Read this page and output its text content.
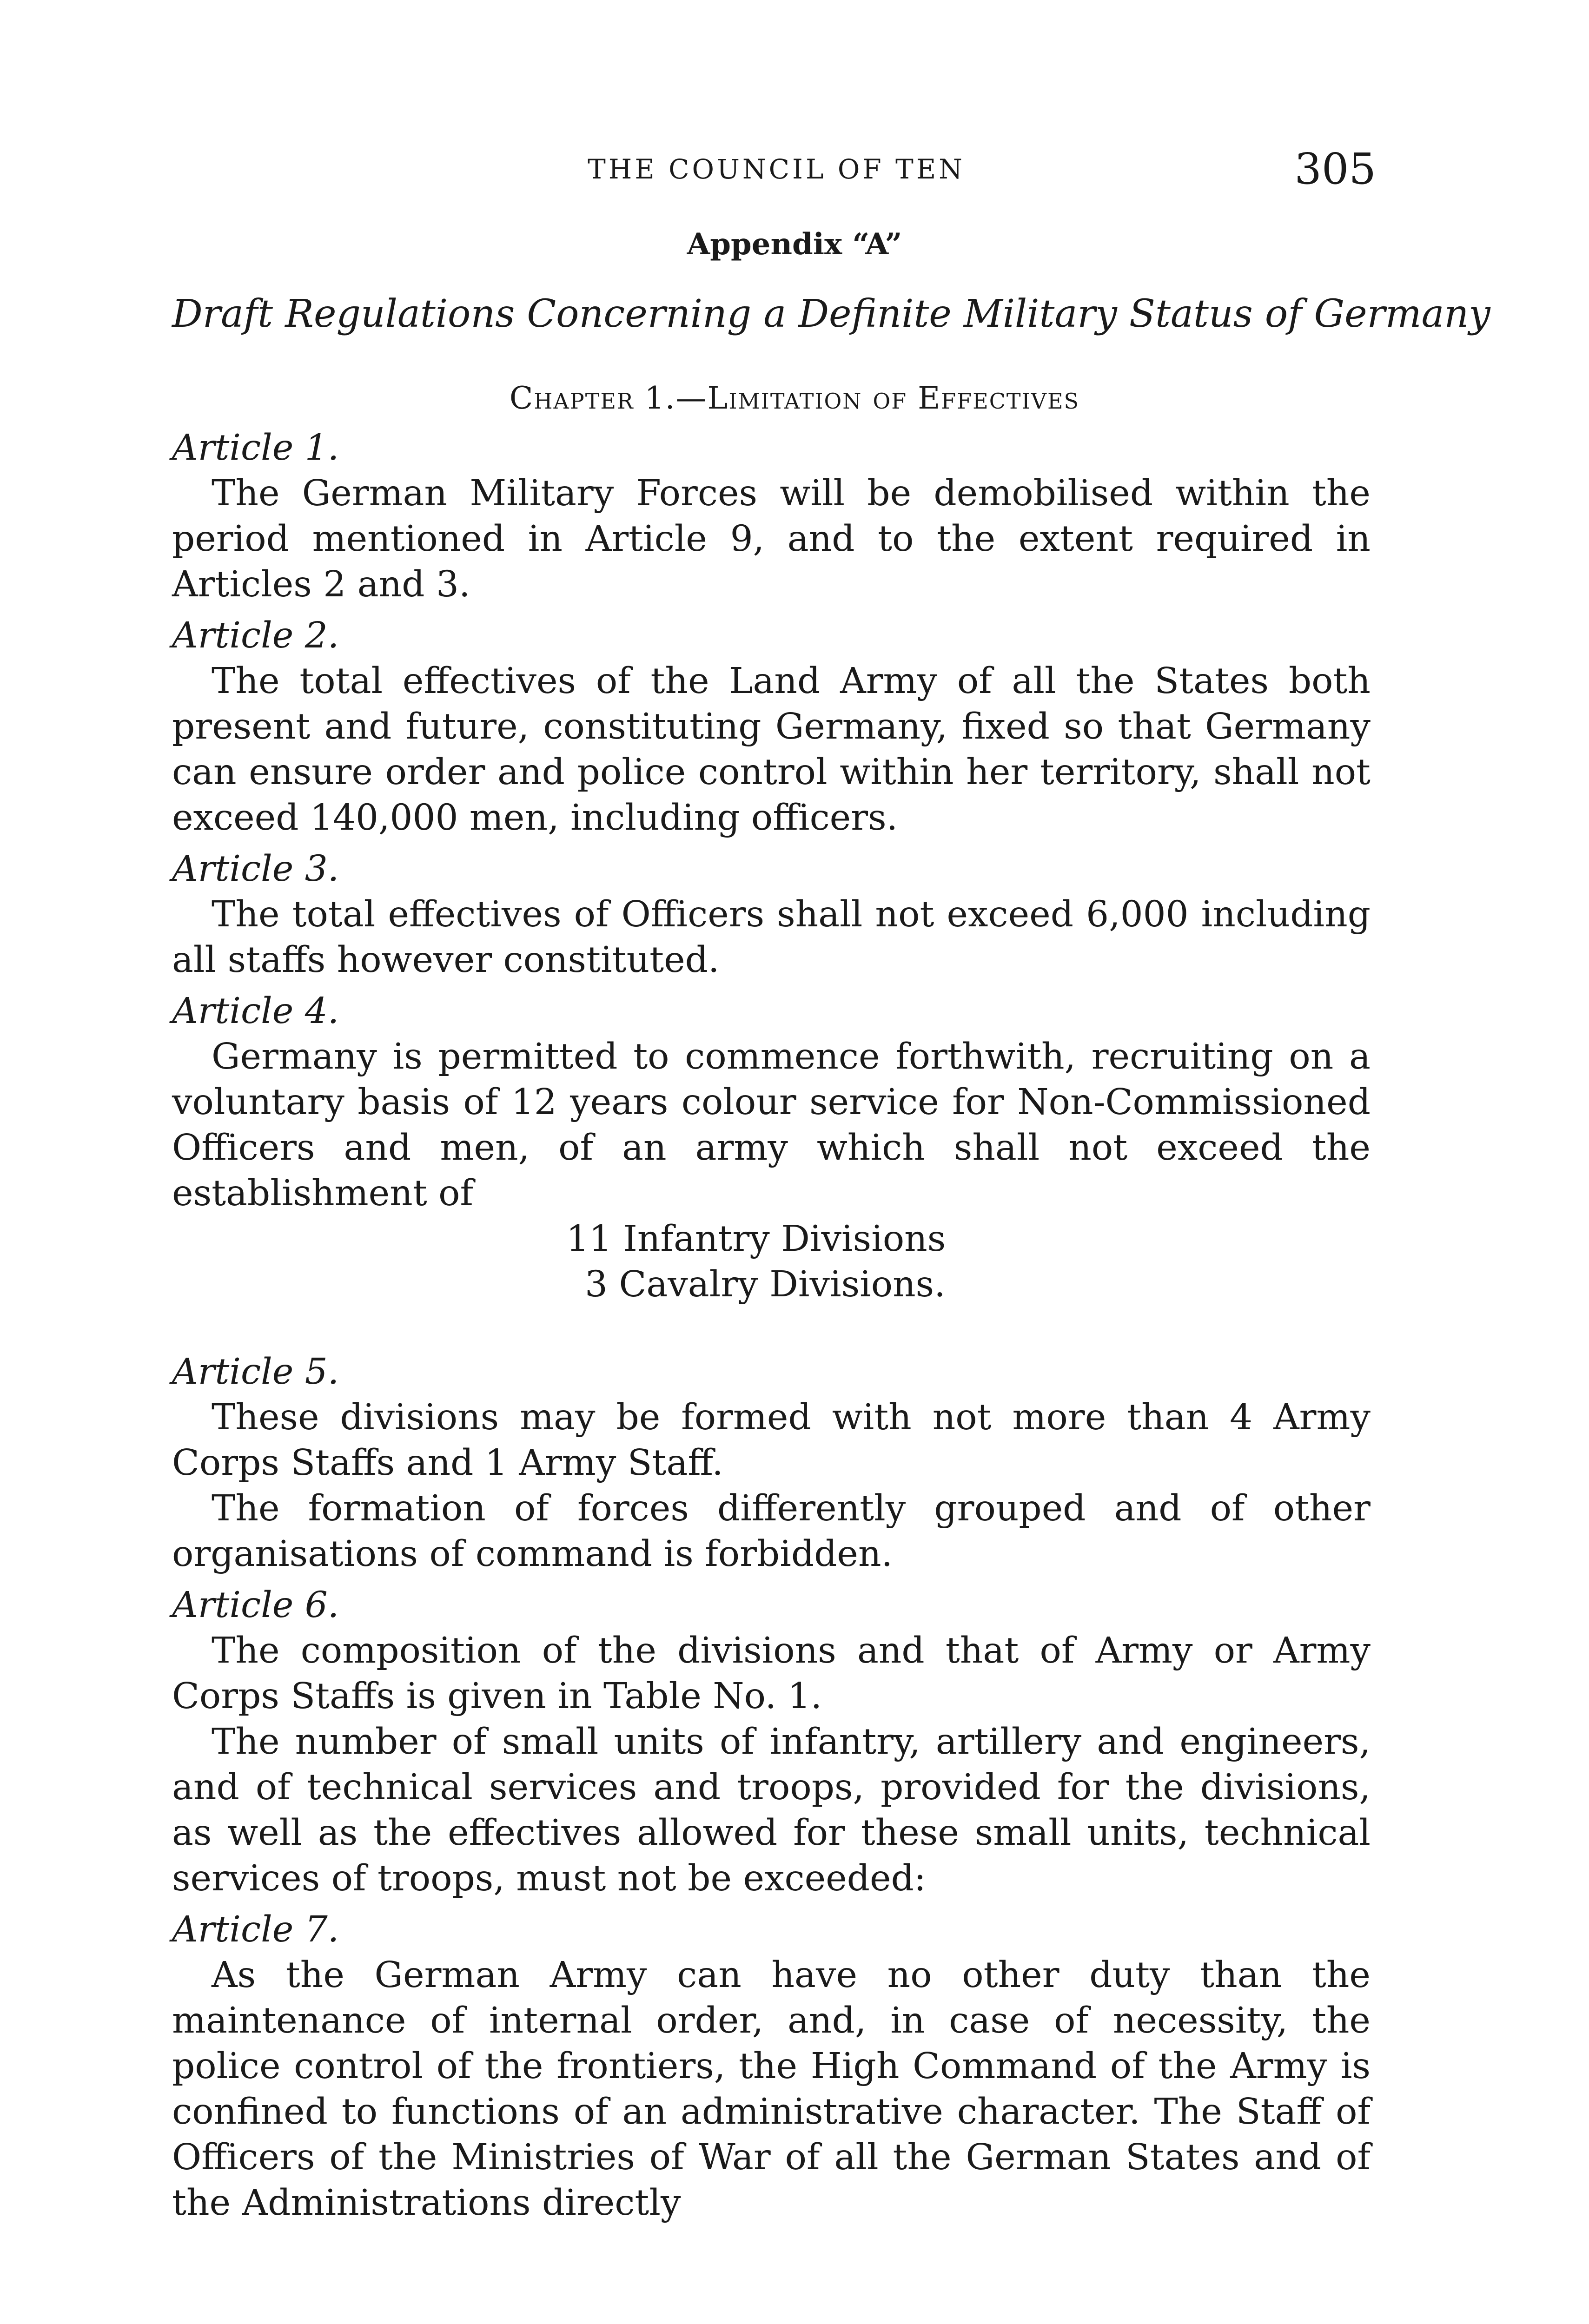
THE COUNCIL OF TEN	305
Appendix “A”
Draft Regulations Concerning a Definite Military Status of Germany
Chapter 1.—Limitation of Effectives

Article 1.

The German Military Forces will be demobilised within the period mentioned in Article 9, and to the extent required in Articles 2 and 3.

Article 2.

The total effectives of the Land Army of all the States both present and future, constituting Germany, fixed so that Germany can ensure order and police control within her territory, shall not exceed 140,000 men, including officers.

Article 3.

The total effectives of Officers shall not exceed 6,000 including all staffs however constituted.

Article 4.

Germany is permitted to commence forthwith, recruiting on a voluntary basis of 12 years colour service for Non-Commissioned Officers and men, of an army which shall not exceed the establishment of

11 Infantry Divisions
3 Cavalry Divisions.

Article 5.

These divisions may be formed with not more than 4 Army Corps Staffs and 1 Army Staff.

The formation of forces differently grouped and of other organisations of command is forbidden.

Article 6.

The composition of the divisions and that of Army or Army Corps Staffs is given in Table No. 1.

The number of small units of infantry, artillery and engineers, and of technical services and troops, provided for the divisions, as well as the effectives allowed for these small units, technical services of troops, must not be exceeded:

Article 7.

As the German Army can have no other duty than the maintenance of internal order, and, in case of necessity, the police control of the frontiers, the High Command of the Army is confined to functions of an administrative character. The Staff of Officers of the Ministries of War of all the German States and of the Administrations directly
